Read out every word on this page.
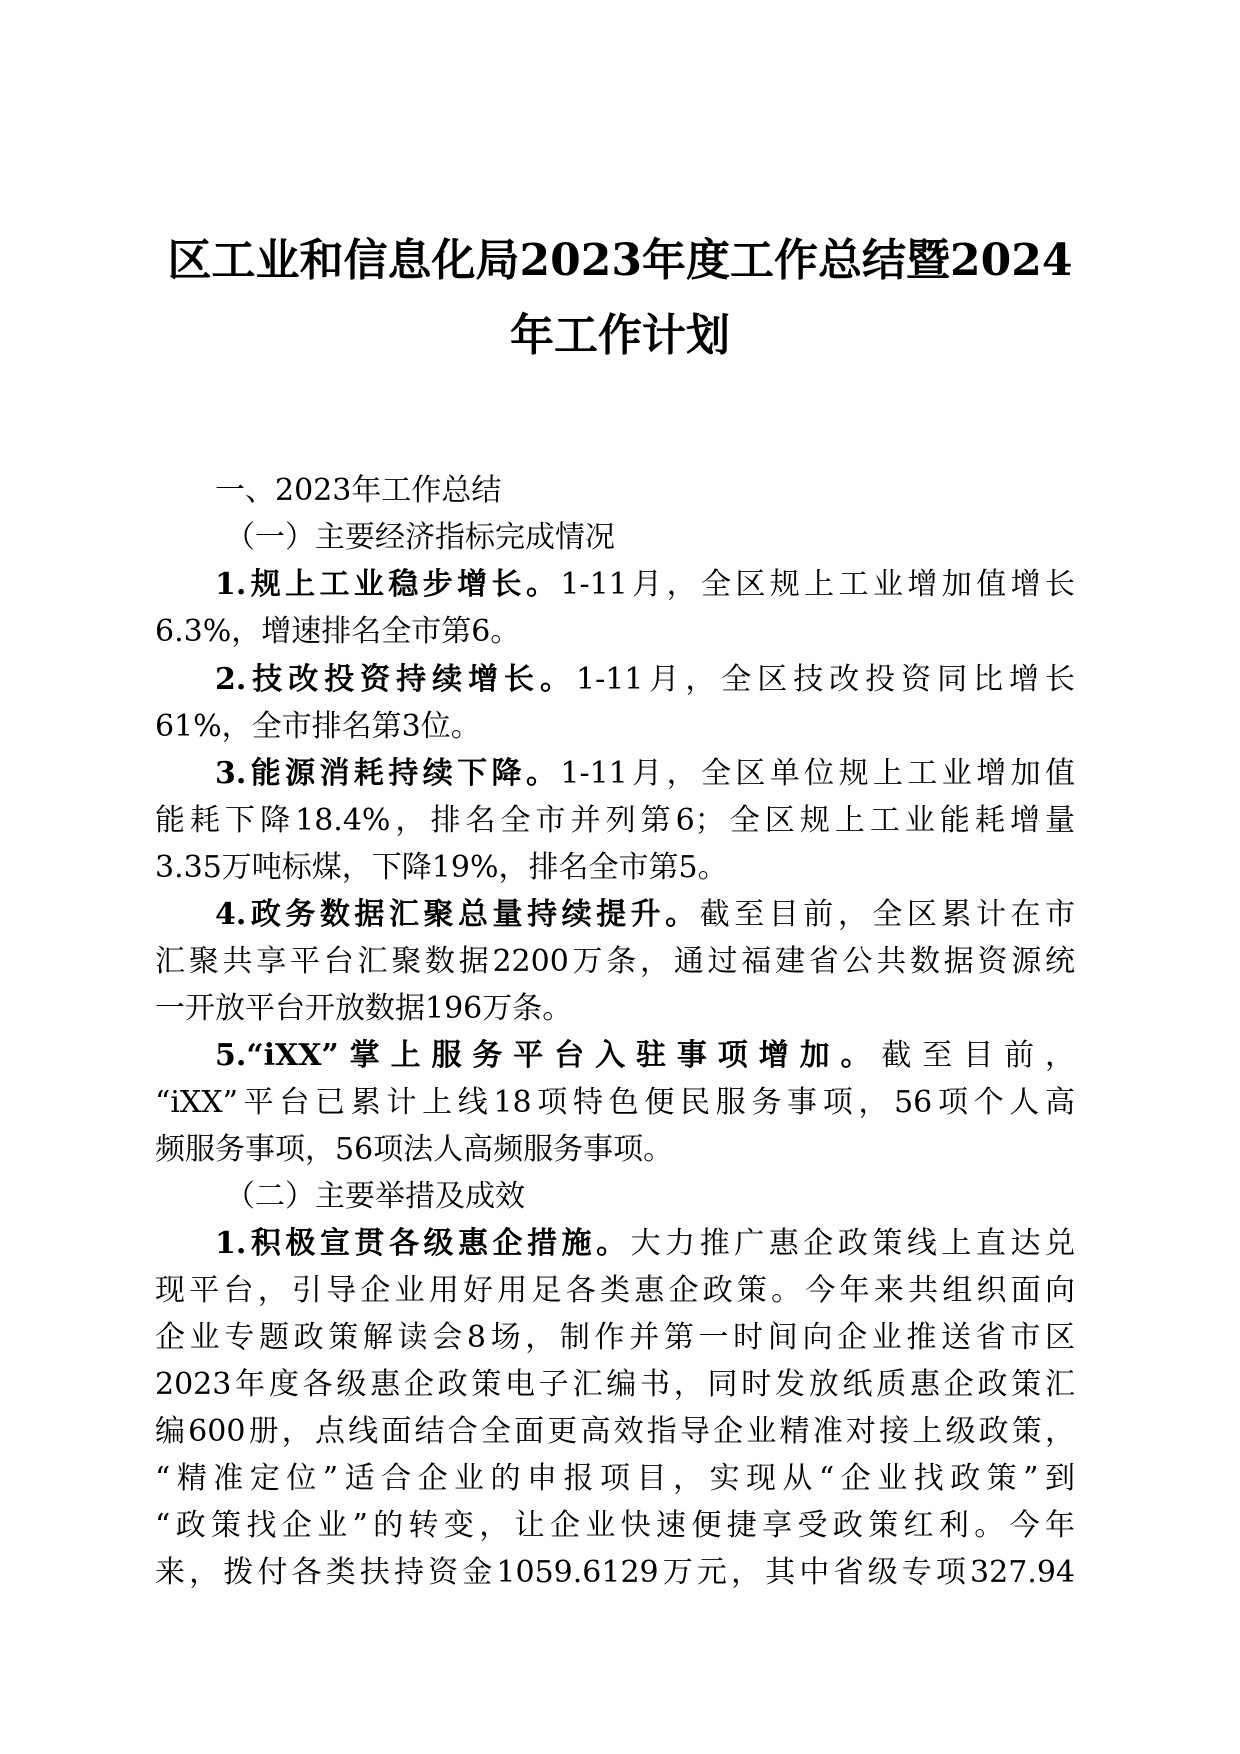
区工业和信息化局2023年度工作总结暨2024
年工作计划
一、2023年工作总结
（一）主要经济指标完成情况
1.规上工业稳步增长。1-11月，全区规上工业增加值增长
6.3%，增速排名全市第6。
2.技改投资持续增长。1-11月，全区技改投资同比增长
61%，全市排名第3位。
3.能源消耗持续下降。1-11月，全区单位规上工业增加值
能耗下降18.4%，排名全市并列第6；全区规上工业能耗增量
3.35万吨标煤，下降19%，排名全市第5。
4.政务数据汇聚总量持续提升。截至目前，全区累计在市
汇聚共享平台汇聚数据2200万条，通过福建省公共数据资源统
一开放平台开放数据196万条。
5.“iXX”掌上服务平台入驻事项增加。截至目前，
“iXX”平台已累计上线18项特色便民服务事项，56项个人高
频服务事项，56项法人高频服务事项。
（二）主要举措及成效
1.积极宣贯各级惠企措施。大力推广惠企政策线上直达兑
现平台，引导企业用好用足各类惠企政策。今年来共组织面向
企业专题政策解读会8场，制作并第一时间向企业推送省市区
2023年度各级惠企政策电子汇编书，同时发放纸质惠企政策汇
编600册，点线面结合全面更高效指导企业精准对接上级政策，
“精准定位”适合企业的申报项目，实现从“企业找政策”到
“政策找企业”的转变，让企业快速便捷享受政策红利。今年
来，拨付各类扶持资金1059.6129万元，其中省级专项327.94
